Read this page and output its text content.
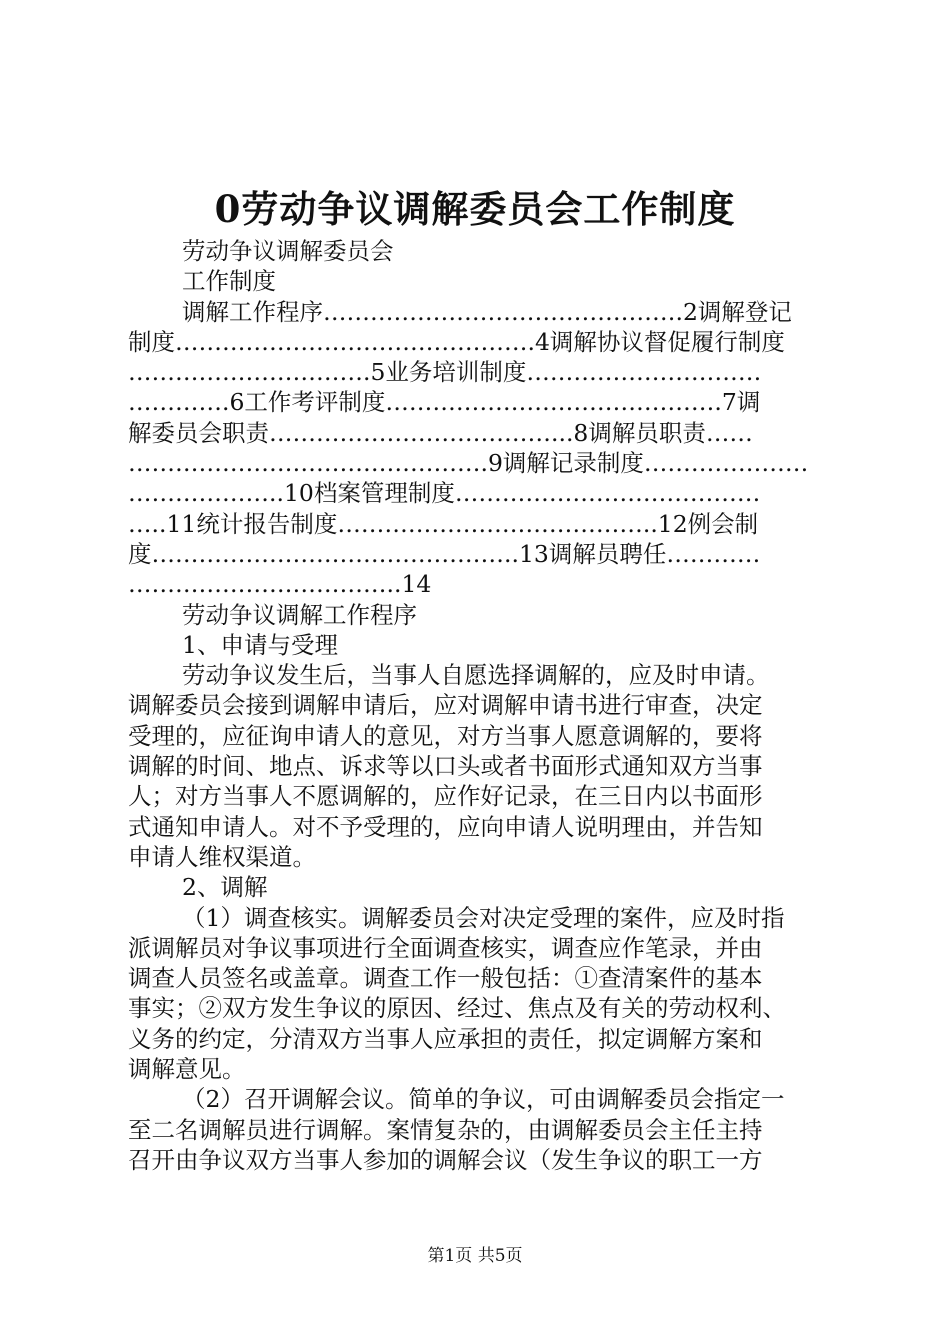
0劳动争议调解委员会工作制度
劳动争议调解委员会
工作制度
调解工作程序……………………………………….2调解登记
制度……………………………………….4调解协议督促履行制度
………………………….5业务培训制度…………………………
………….6工作考评制度…………………………………….7调
解委员会职责………………………………...8调解员职责……
……………………………………….9调解记录制度…………………
………………..10档案管理制度…………………………………
…..11统计报告制度…………………………………..12例会制
度………………………………………..13调解员聘任…………
……………………………..14
劳动争议调解工作程序
1、申请与受理
劳动争议发生后，当事人自愿选择调解的，应及时申请。
调解委员会接到调解申请后，应对调解申请书进行审查，决定
受理的，应征询申请人的意见，对方当事人愿意调解的，要将
调解的时间、地点、诉求等以口头或者书面形式通知双方当事
人；对方当事人不愿调解的，应作好记录，在三日内以书面形
式通知申请人。对不予受理的，应向申请人说明理由，并告知
申请人维权渠道。
2、调解
（1）调查核实。调解委员会对决定受理的案件，应及时指
派调解员对争议事项进行全面调查核实，调查应作笔录，并由
调查人员签名或盖章。调查工作一般包括：①查清案件的基本
事实；②双方发生争议的原因、经过、焦点及有关的劳动权利、
义务的约定，分清双方当事人应承担的责任，拟定调解方案和
调解意见。
（2）召开调解会议。简单的争议，可由调解委员会指定一
至二名调解员进行调解。案情复杂的，由调解委员会主任主持
召开由争议双方当事人参加的调解会议（发生争议的职工一方
第1页 共5页
